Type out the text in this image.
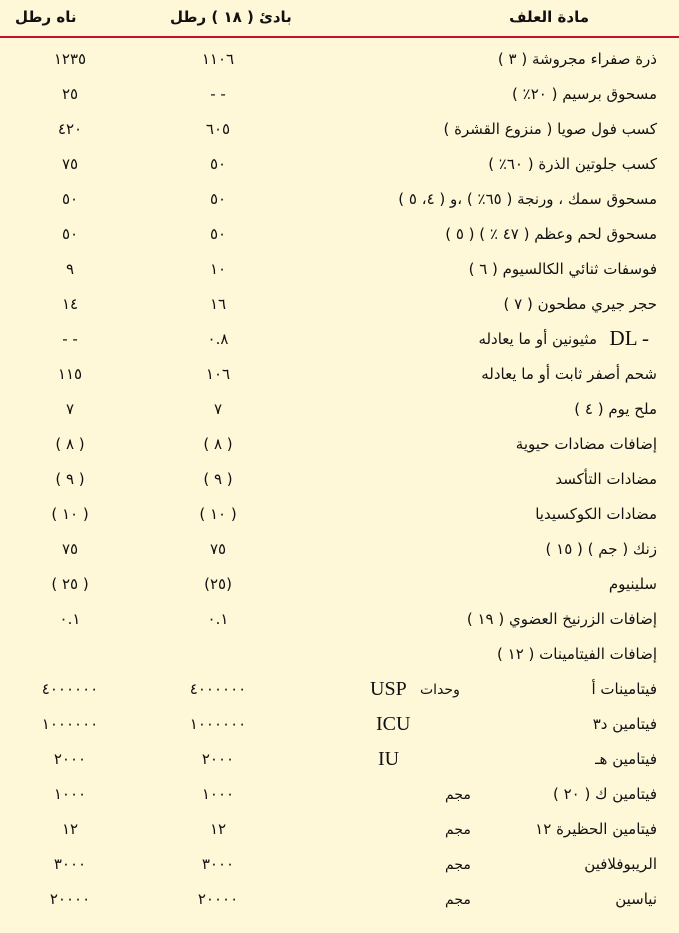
مادة العلف
بادئ ( ١٨ ) رطل
ناه رطل
ذرة صفراء مجروشة ( ٣ )
١١٠٦
١٢٣٥
مسحوق برسيم ( ٢٠٪ )
- -
٢٥
كسب فول صويا ( منزوع القشرة )
٦٠٥
٤٢٠
كسب جلوتين الذرة ( ٦٠٪ )
٥٠
٧٥
مسحوق سمك ، ورنجة ( ٦٥٪ ) ،و ( ٤، ٥ )
٥٠
٥٠
مسحوق لحم وعظم ( ٤٧ ٪ ) ( ٥ )
٥٠
٥٠
فوسفات ثنائي الكالسيوم ( ٦ )
١٠
٩
حجر جيري مطحون ( ٧ )
١٦
١٤
DL -
مثيونين أو ما يعادله
٠.٨
- -
شحم أصفر ثابت أو ما يعادله
١٠٦
١١٥
ملح يوم ( ٤ )
٧
٧
إضافات مضادات حيوية
( ٨ )
( ٨ )
مضادات التأكسد
( ٩ )
( ٩ )
مضادات الكوكسيديا
( ١٠ )
( ١٠ )
زنك ( جم ) ( ١٥ )
٧٥
٧٥
سلينيوم
(٢٥)
( ٢٥ )
إضافات الزرنيخ العضوي ( ١٩ )
٠.١
٠.١
إضافات الفيتامينات ( ١٢ )
فيتامينات أ
وحدات
USP
٤٠٠٠٠٠٠
٤٠٠٠٠٠٠
فيتامين د٣
ICU
١٠٠٠٠٠٠
١٠٠٠٠٠٠
فيتامين هـ
IU
٢٠٠٠
٢٠٠٠
فيتامين ك ( ٢٠ )
مجم
١٠٠٠
١٠٠٠
فيتامين الحظيرة ١٢
مجم
١٢
١٢
الريبوفلافين
مجم
٣٠٠٠
٣٠٠٠
نياسين
مجم
٢٠٠٠٠
٢٠٠٠٠
